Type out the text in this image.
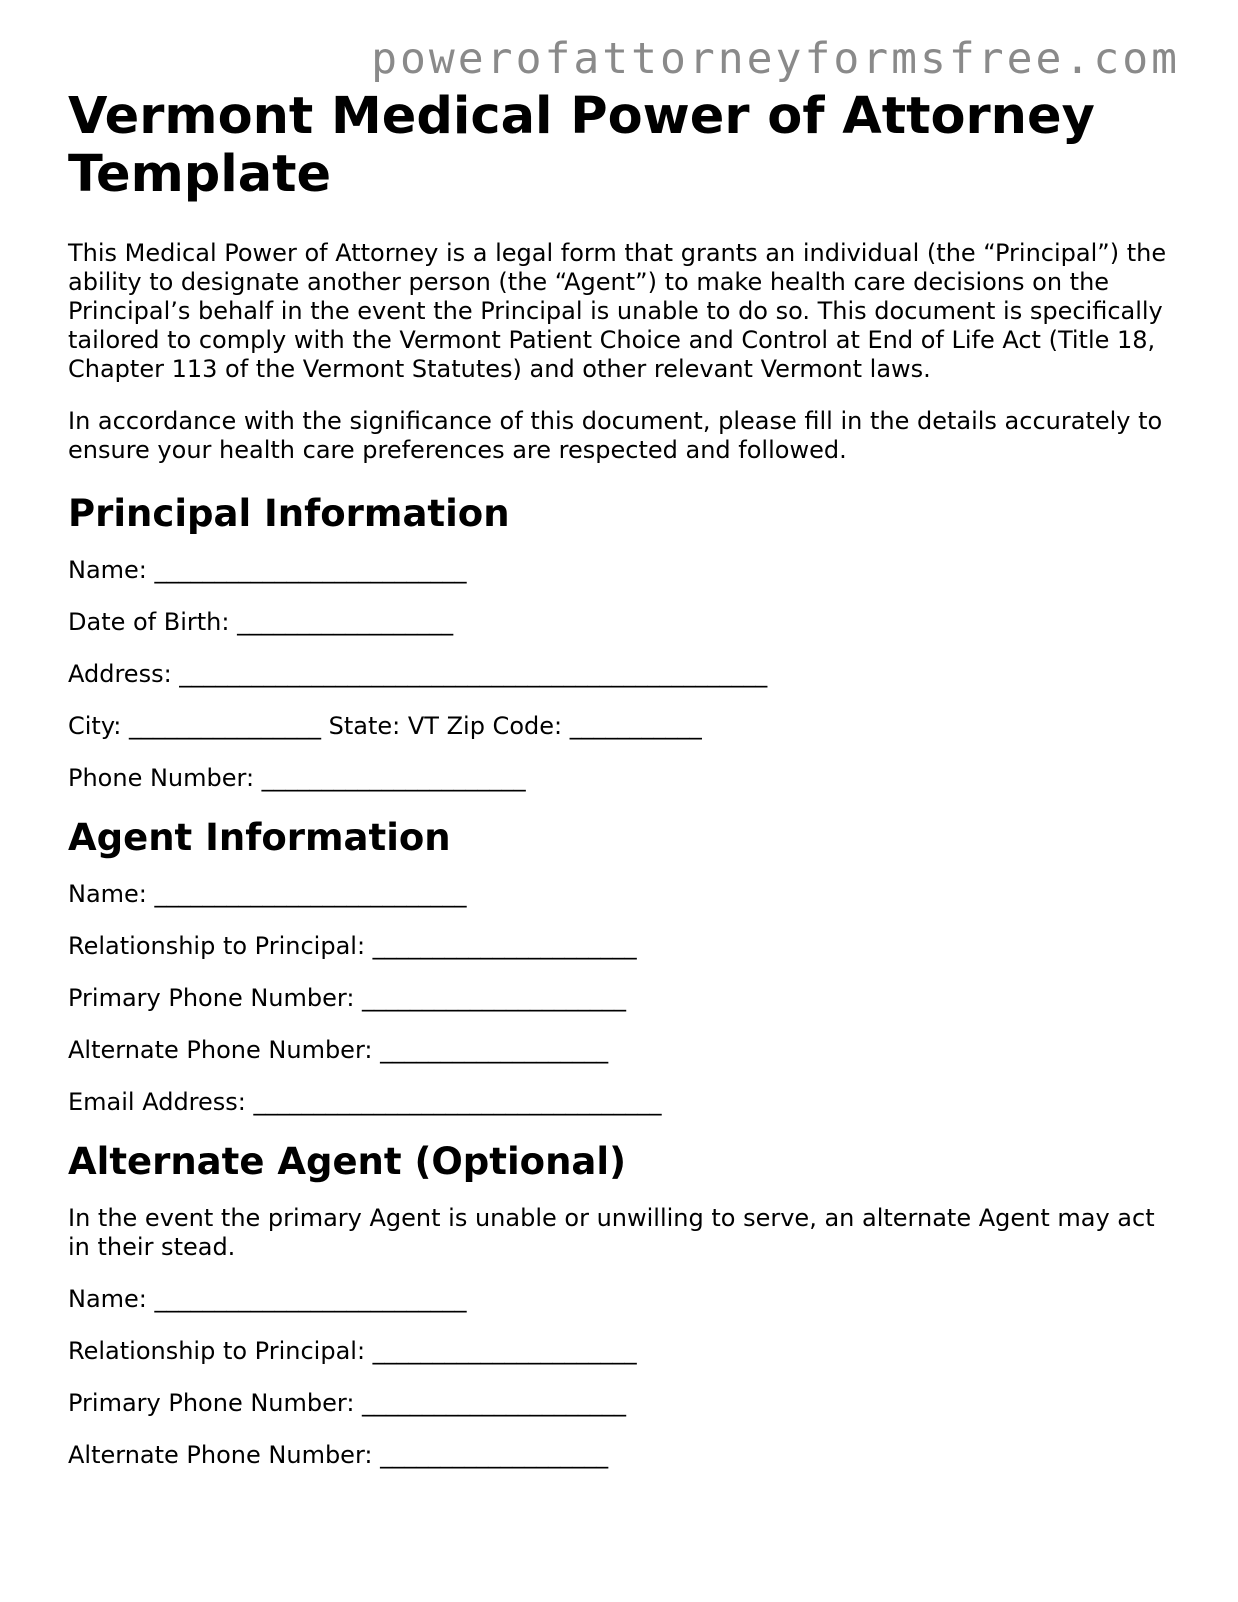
powerofattorneyformsfree.com
Vermont Medical Power of Attorney Template

This Medical Power of Attorney is a legal form that grants an individual (the “Principal”) the ability to designate another person (the “Agent”) to make health care decisions on the Principal’s behalf in the event the Principal is unable to do so. This document is specifically tailored to comply with the Vermont Patient Choice and Control at End of Life Act (Title 18, Chapter 113 of the Vermont Statutes) and other relevant Vermont laws.

In accordance with the significance of this document, please fill in the details accurately to ensure your health care preferences are respected and followed.

Principal Information
Name: __________________________
Date of Birth: __________________
Address: _________________________________________________
City: ________________ State: VT Zip Code: ___________
Phone Number: ______________________
Agent Information
Name: __________________________
Relationship to Principal: ______________________
Primary Phone Number: ______________________
Alternate Phone Number: ___________________
Email Address: __________________________________
Alternate Agent (Optional)

In the event the primary Agent is unable or unwilling to serve, an alternate Agent may act in their stead.

Name: __________________________
Relationship to Principal: ______________________
Primary Phone Number: ______________________
Alternate Phone Number: ___________________
